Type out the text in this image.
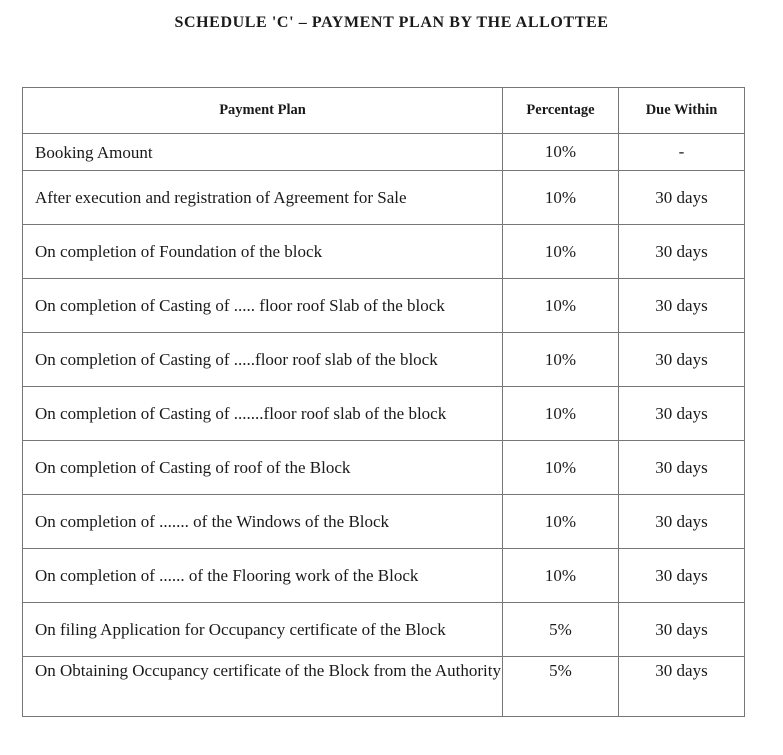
SCHEDULE 'C' – PAYMENT PLAN BY THE ALLOTTEE
Payment Plan	Percentage	Due Within
Booking Amount	10%	-
After execution and registration of Agreement for Sale	10%	30 days
On completion of Foundation of the block	10%	30 days
On completion of Casting of ..... floor roof Slab of the block	10%	30 days
On completion of Casting of .....floor roof slab of the block	10%	30 days
On completion of Casting of .......floor roof slab of the block	10%	30 days
On completion of Casting of roof of the Block	10%	30 days
On completion of ....... of the Windows of the Block	10%	30 days
On completion of ...... of the Flooring work of the Block	10%	30 days
On filing Application for Occupancy certificate of the Block	5%	30 days
On Obtaining Occupancy certificate of the Block from the Authority	5%	30 days
